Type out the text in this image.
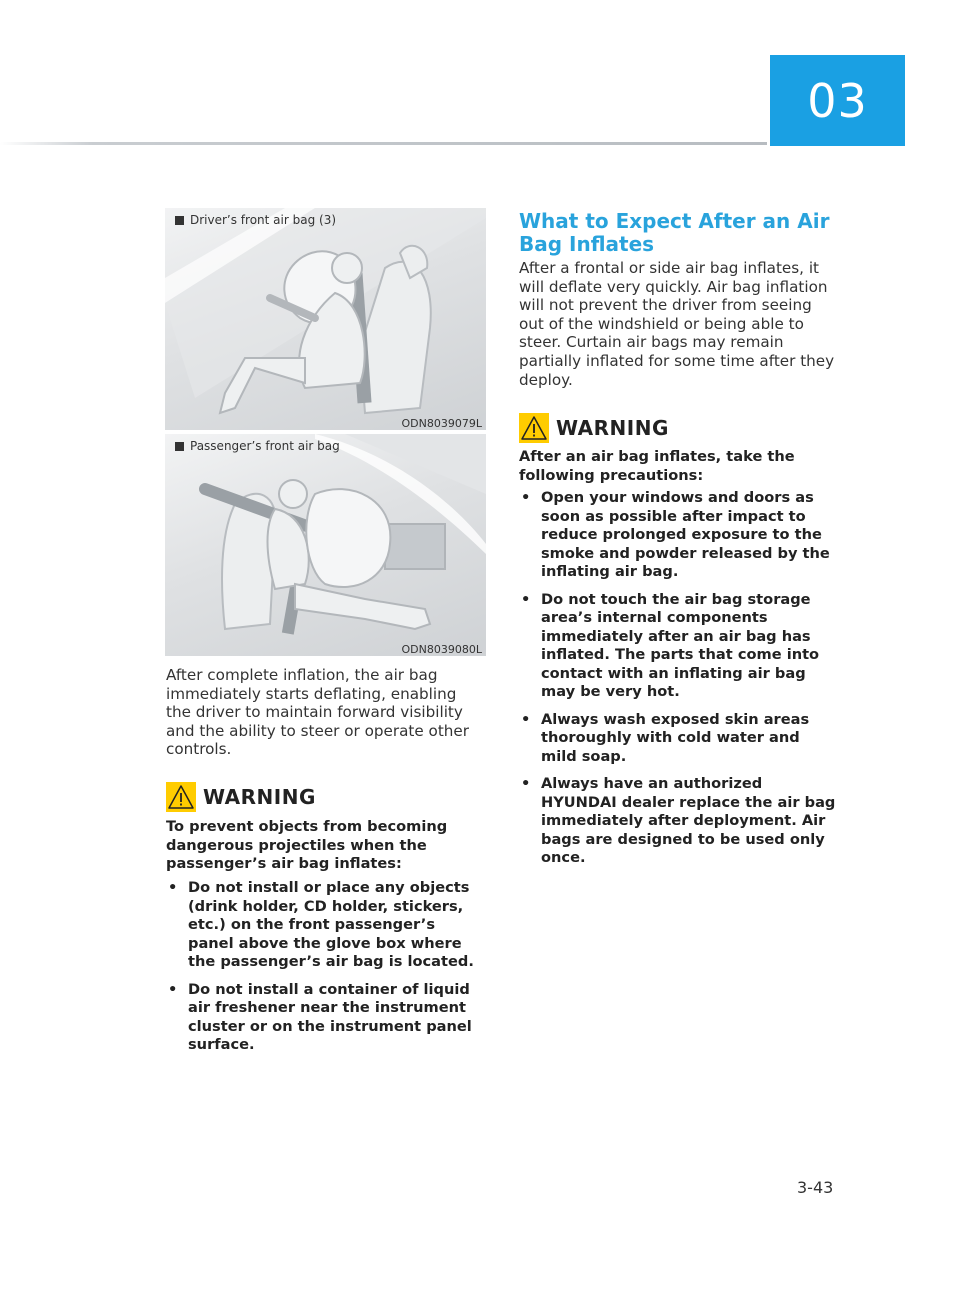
03
Driver’s front air bag (3)
ODN8039079L
Passenger’s front air bag
ODN8039080L
After complete inflation, the air bag immediately starts deflating, enabling the driver to maintain forward visibility and the ability to steer or operate other controls.
WARNING
To prevent objects from becoming dangerous projectiles when the passenger’s air bag inflates:
• Do not install or place any objects (drink holder, CD holder, stickers, etc.) on the front passenger’s panel above the glove box where the passenger’s air bag is located.
• Do not install a container of liquid air freshener near the instrument cluster or on the instrument panel surface.
What to Expect After an Air Bag Inflates
After a frontal or side air bag inflates, it will deflate very quickly. Air bag inflation will not prevent the driver from seeing out of the windshield or being able to steer. Curtain air bags may remain partially inflated for some time after they deploy.
WARNING
After an air bag inflates, take the following precautions:
• Open your windows and doors as soon as possible after impact to reduce prolonged exposure to the smoke and powder released by the inflating air bag.
• Do not touch the air bag storage area’s internal components immediately after an air bag has inflated. The parts that come into contact with an inflating air bag may be very hot.
• Always wash exposed skin areas thoroughly with cold water and mild soap.
• Always have an authorized HYUNDAI dealer replace the air bag immediately after deployment. Air bags are designed to be used only once.
3-43
